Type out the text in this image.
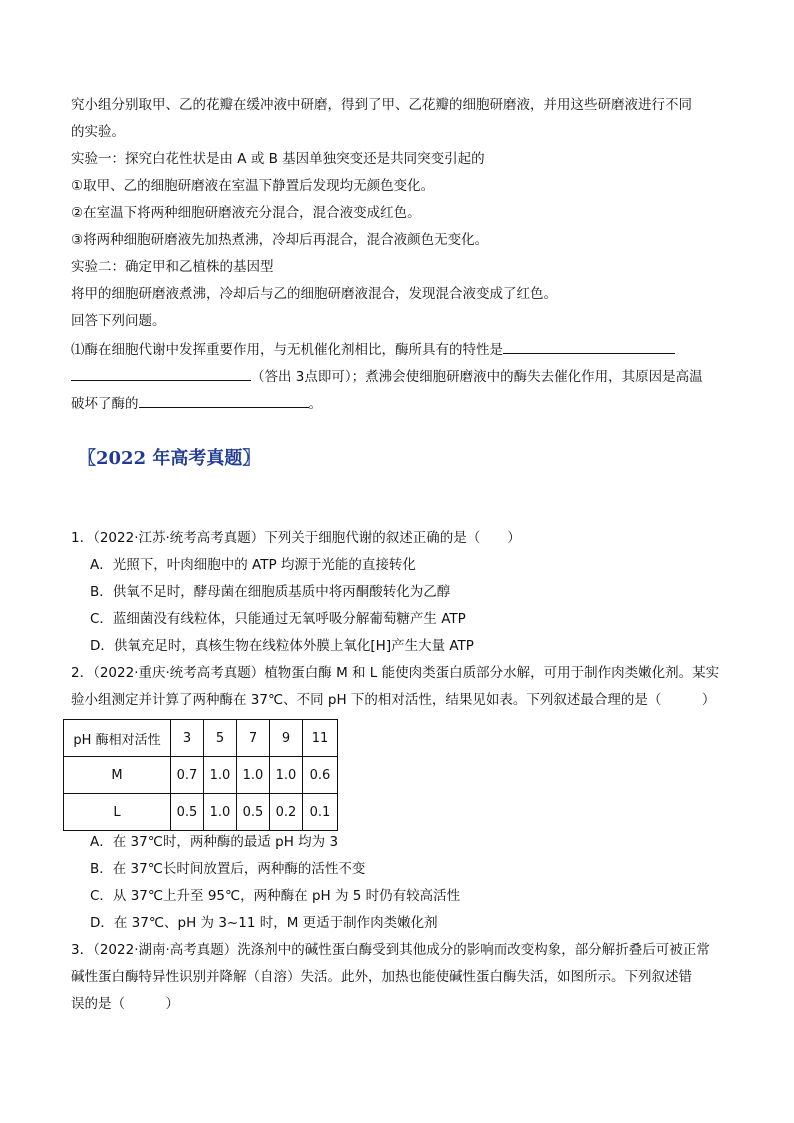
究小组分别取甲、乙的花瓣在缓冲液中研磨，得到了甲、乙花瓣的细胞研磨液，并用这些研磨液进行不同
的实验。
实验一：探究白花性状是由 A 或 B 基因单独突变还是共同突变引起的
①取甲、乙的细胞研磨液在室温下静置后发现均无颜色变化。
②在室温下将两种细胞研磨液充分混合，混合液变成红色。
③将两种细胞研磨液先加热煮沸，冷却后再混合，混合液颜色无变化。
实验二：确定甲和乙植株的基因型
将甲的细胞研磨液煮沸，冷却后与乙的细胞研磨液混合，发现混合液变成了红色。
回答下列问题。
⑴酶在细胞代谢中发挥重要作用，与无机催化剂相比，酶所具有的特性是
（答出 3点即可）；煮沸会使细胞研磨液中的酶失去催化作用，其原因是高温
破坏了酶的	。
〖2022 年高考真题〗
1．（2022·江苏·统考高考真题）下列关于细胞代谢的叙述正确的是（　　）
A．光照下，叶肉细胞中的 ATP 均源于光能的直接转化
B．供氧不足时，酵母菌在细胞质基质中将丙酮酸转化为乙醇
C．蓝细菌没有线粒体，只能通过无氧呼吸分解葡萄糖产生 ATP
D．供氧充足时，真核生物在线粒体外膜上氧化[H]产生大量 ATP
2．（2022·重庆·统考高考真题）植物蛋白酶 M 和 L 能使肉类蛋白质部分水解，可用于制作肉类嫩化剂。某实
验小组测定并计算了两种酶在 37℃、不同 pH 下的相对活性，结果见如表。下列叙述最合理的是（　　　）
pH 酶相对活性	3	5	7	9	11
M	0.7	1.0	1.0	1.0	0.6
L	0.5	1.0	0.5	0.2	0.1
A．在 37℃时，两种酶的最适 pH 均为 3
B．在 37℃长时间放置后，两种酶的活性不变
C．从 37℃上升至 95℃，两种酶在 pH 为 5 时仍有较高活性
D．在 37℃、pH 为 3~11 时，M 更适于制作肉类嫩化剂
3．（2022·湖南·高考真题）洗涤剂中的碱性蛋白酶受到其他成分的影响而改变构象，部分解折叠后可被正常
碱性蛋白酶特异性识别并降解（自溶）失活。此外，加热也能使碱性蛋白酶失活，如图所示。下列叙述错
误的是（　　　）
